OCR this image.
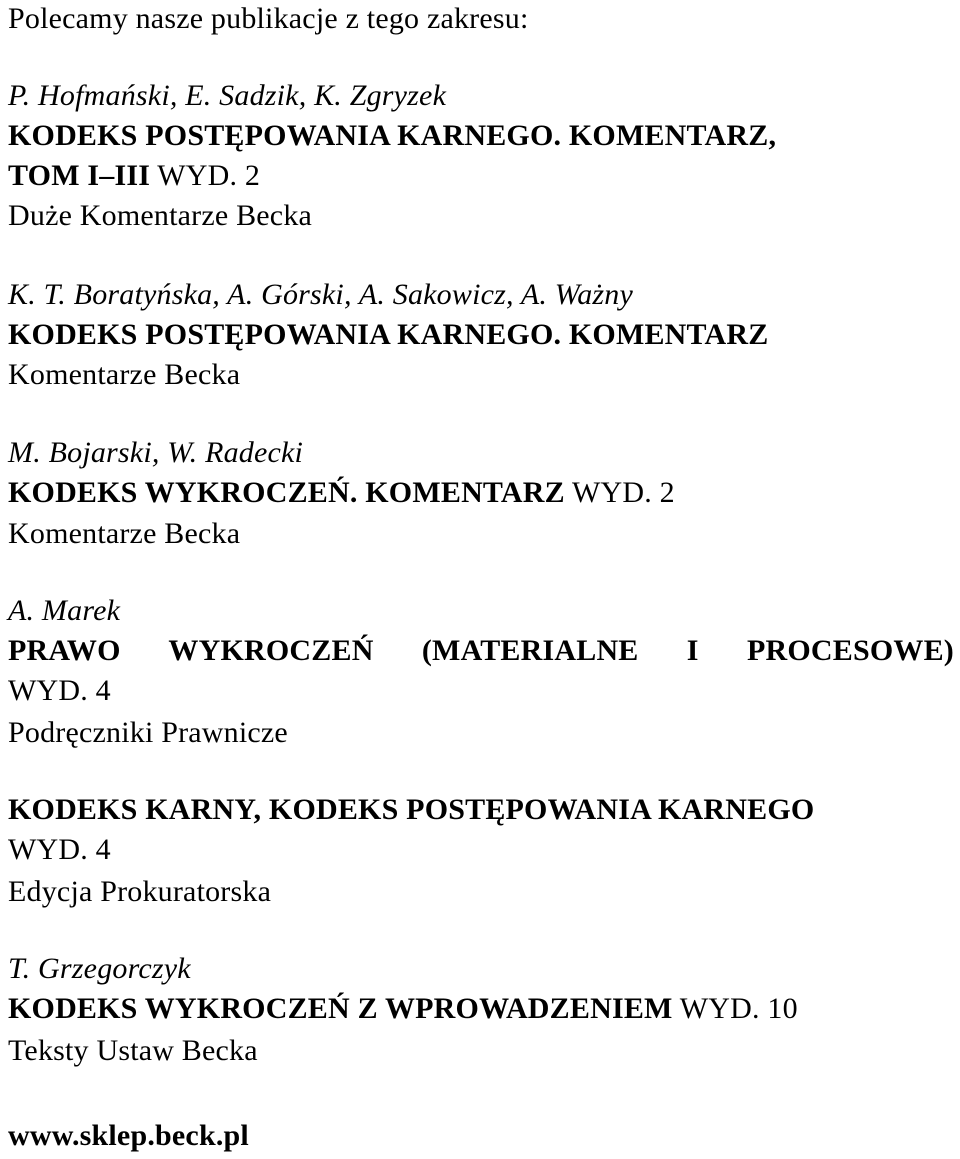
Polecamy nasze publikacje z tego zakresu:
P. Hofmański, E. Sadzik, K. Zgryzek
KODEKS POSTĘPOWANIA KARNEGO. KOMENTARZ,
TOM I–III WYD. 2
Duże Komentarze Becka
K. T. Boratyńska, A. Górski, A. Sakowicz, A. Ważny
KODEKS POSTĘPOWANIA KARNEGO. KOMENTARZ
Komentarze Becka
M. Bojarski, W. Radecki
KODEKS WYKROCZEŃ. KOMENTARZ WYD. 2
Komentarze Becka
A. Marek
PRAWO WYKROCZEŃ (MATERIALNE I PROCESOWE)
WYD. 4
Podręczniki Prawnicze
KODEKS KARNY, KODEKS POSTĘPOWANIA KARNEGO
WYD. 4
Edycja Prokuratorska
T. Grzegorczyk
KODEKS WYKROCZEŃ Z WPROWADZENIEM WYD. 10
Teksty Ustaw Becka
www.sklep.beck.pl
